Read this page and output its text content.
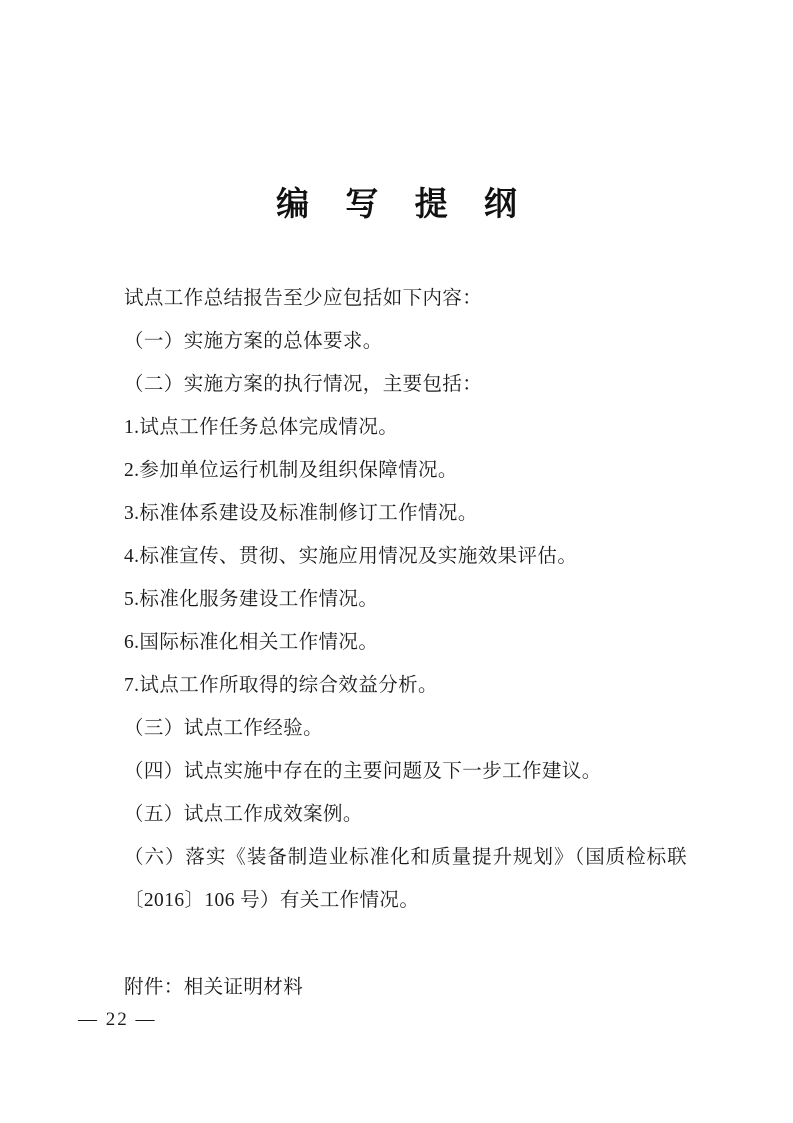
编 写 提 纲

试点工作总结报告至少应包括如下内容：

（一）实施方案的总体要求。

（二）实施方案的执行情况，主要包括：

1.试点工作任务总体完成情况。

2.参加单位运行机制及组织保障情况。

3.标准体系建设及标准制修订工作情况。

4.标准宣传、贯彻、实施应用情况及实施效果评估。

5.标准化服务建设工作情况。

6.国际标准化相关工作情况。

7.试点工作所取得的综合效益分析。

（三）试点工作经验。

（四）试点实施中存在的主要问题及下一步工作建议。

（五）试点工作成效案例。

（六）落实《装备制造业标准化和质量提升规划》（国质检标联〔2016〕106 号）有关工作情况。

附件：相关证明材料
— 22 —
